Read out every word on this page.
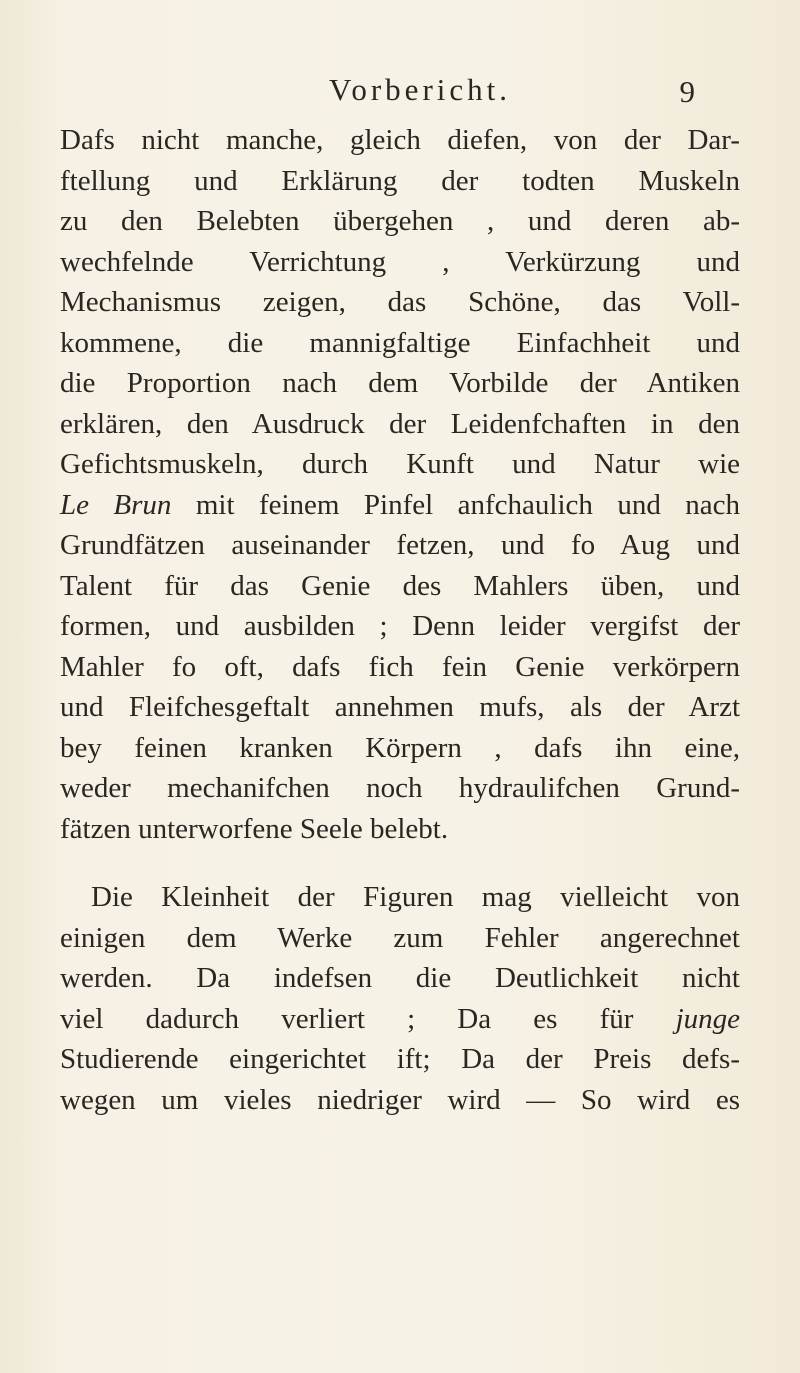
Vorbericht.	9
Dafs nicht manche, gleich diefen, von der Dar-
ftellung und Erklärung der todten Muskeln
zu den Belebten übergehen , und deren ab-
wechfelnde Verrichtung , Verkürzung und
Mechanismus zeigen, das Schöne, das Voll-
kommene, die mannigfaltige Einfachheit und
die Proportion nach dem Vorbilde der Antiken
erklären, den Ausdruck der Leidenfchaften in den
Gefichtsmuskeln, durch Kunft und Natur wie
Le Brun mit feinem Pinfel anfchaulich und nach
Grundfätzen auseinander fetzen, und fo Aug und
Talent für das Genie des Mahlers üben, und
formen, und ausbilden ; Denn leider vergifst der
Mahler fo oft, dafs fich fein Genie verkörpern
und Fleifchesgeftalt annehmen mufs, als der Arzt
bey feinen kranken Körpern , dafs ihn eine,
weder mechanifchen noch hydraulifchen Grund-
fätzen unterworfene Seele belebt.
Die Kleinheit der Figuren mag vielleicht von
einigen dem Werke zum Fehler angerechnet
werden. Da indefsen die Deutlichkeit nicht
viel dadurch verliert ; Da es für junge
Studierende eingerichtet ift; Da der Preis defs-
wegen um vieles niedriger wird — So wird es
